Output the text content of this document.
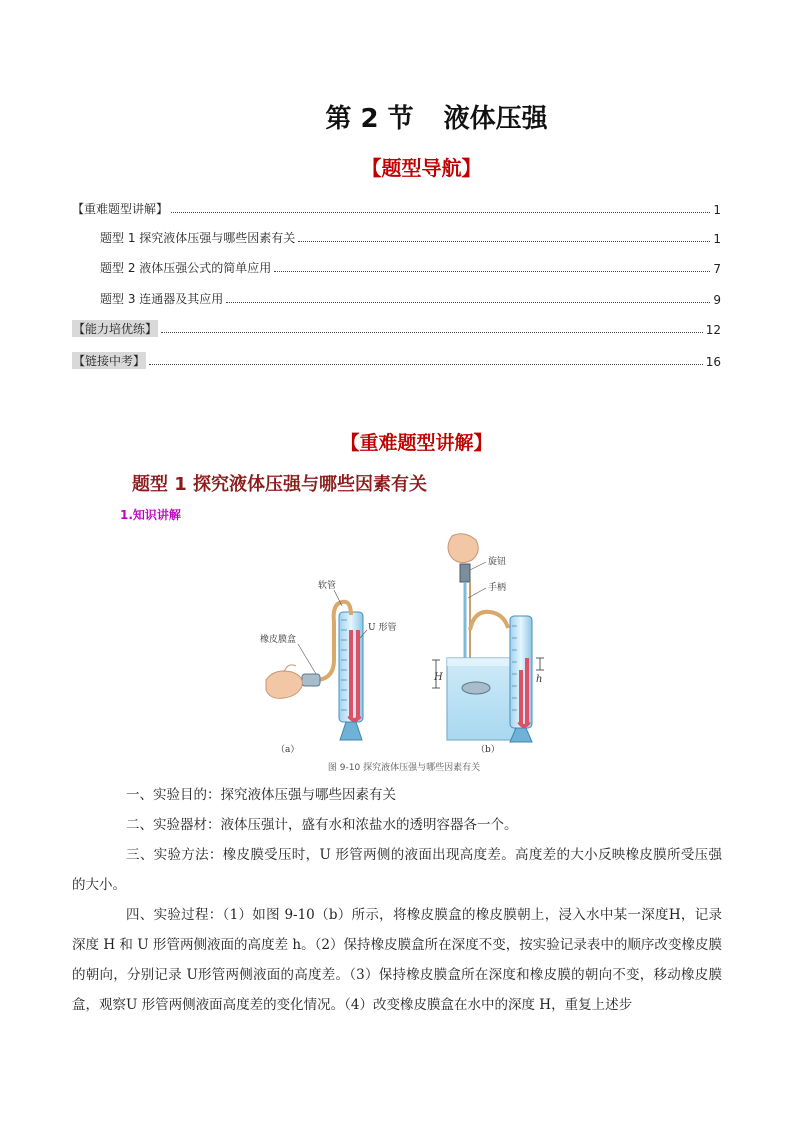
第 2 节 液体压强
【题型导航】
【重难题型讲解】	1
题型 1 探究液体压强与哪些因素有关	1
题型 2 液体压强公式的简单应用	7
题型 3 连通器及其应用	9
【能力培优练】	12
【链接中考】	16
【重难题型讲解】
题型 1 探究液体压强与哪些因素有关
1.知识讲解
软管
橡皮膜盒
U 形管
（a）
H	h
旋钮
手柄
（b）
图 9-10 探究液体压强与哪些因素有关

一、实验目的：探究液体压强与哪些因素有关

二、实验器材：液体压强计，盛有水和浓盐水的透明容器各一个。

三、实验方法：橡皮膜受压时，U 形管两侧的液面出现高度差。高度差的大小反映橡皮膜所受压强的大小。

四、实验过程：（1）如图 9-10（b）所示，将橡皮膜盒的橡皮膜朝上，浸入水中某一深度H，记录深度 H 和 U 形管两侧液面的高度差 h。（2）保持橡皮膜盒所在深度不变，按实验记录表中的顺序改变橡皮膜的朝向，分别记录 U形管两侧液面的高度差。（3）保持橡皮膜盒所在深度和橡皮膜的朝向不变，移动橡皮膜盒，观察U 形管两侧液面高度差的变化情况。（4）改变橡皮膜盒在水中的深度 H，重复上述步
